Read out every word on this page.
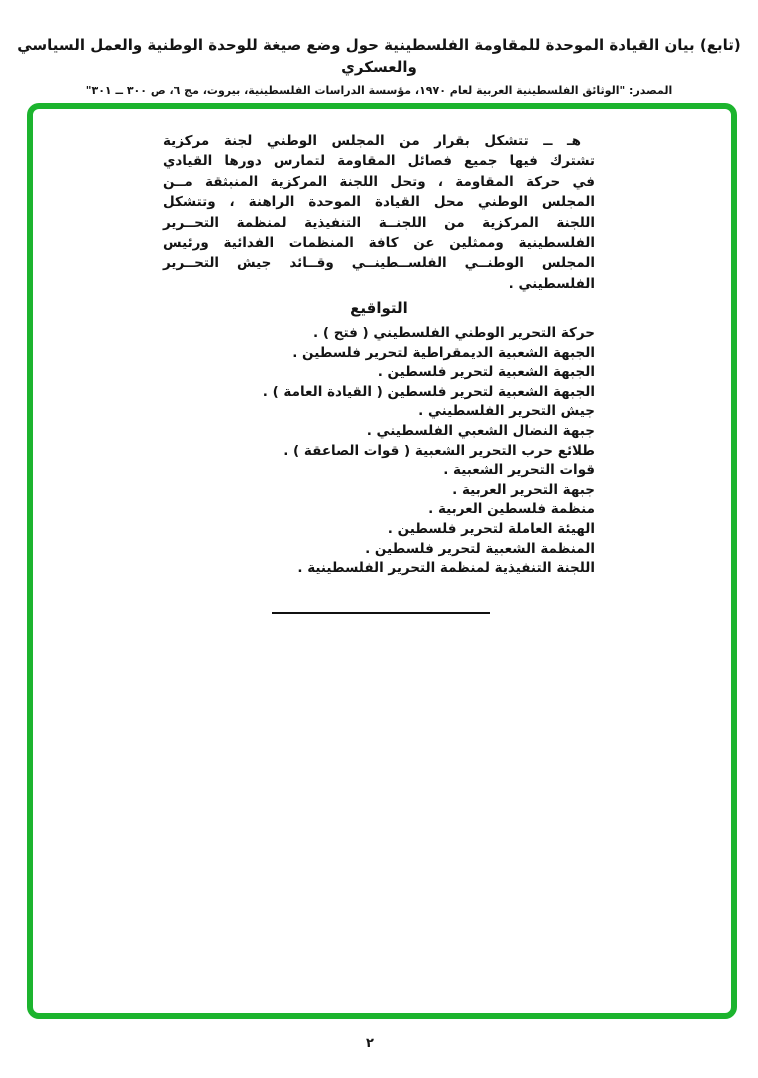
(تابع) بيان القيادة الموحدة للمقاومة الفلسطينية حول وضع صيغة للوحدة الوطنية والعمل السياسي والعسكري
المصدر: "الوثائق الفلسطينية العربية لعام ١٩٧٠، مؤسسة الدراسات الفلسطينية، بيروت، مج ٦، ص ٣٠٠ ــ ٣٠١"
هـ ــ تتشكل بقرار من المجلس الوطني لجنة مركزية
تشترك فيها جميع فصائل المقاومة لتمارس دورها القيادي
في حركة المقاومة ، وتحل اللجنة المركزية المنبثقة مــن
المجلس الوطني محل القيادة الموحدة الراهنة ، وتتشكل
اللجنة المركزية من اللجنــة التنفيذية لمنظمة التحــرير
الفلسطينية وممثلين عن كافة المنظمات الفدائية ورئيس
المجلس الوطنــي الفلســطينــي وقــائد جيش التحــرير
الفلسطيني .
التواقيع
حركة التحرير الوطني الفلسطيني ( فتح ) .
الجبهة الشعبية الديمقراطية لتحرير فلسطين .
الجبهة الشعبية لتحرير فلسطين .
الجبهة الشعبية لتحرير فلسطين ( القيادة العامة ) .
جيش التحرير الفلسطيني .
جبهة النضال الشعبي الفلسطيني .
طلائع حرب التحرير الشعبية ( قوات الصاعقة ) .
قوات التحرير الشعبية .
جبهة التحرير العربية .
منظمة فلسطين العربية .
الهيئة العاملة لتحرير فلسطين .
المنظمة الشعبية لتحرير فلسطين .
اللجنة التنفيذية لمنظمة التحرير الفلسطينية .
٢
